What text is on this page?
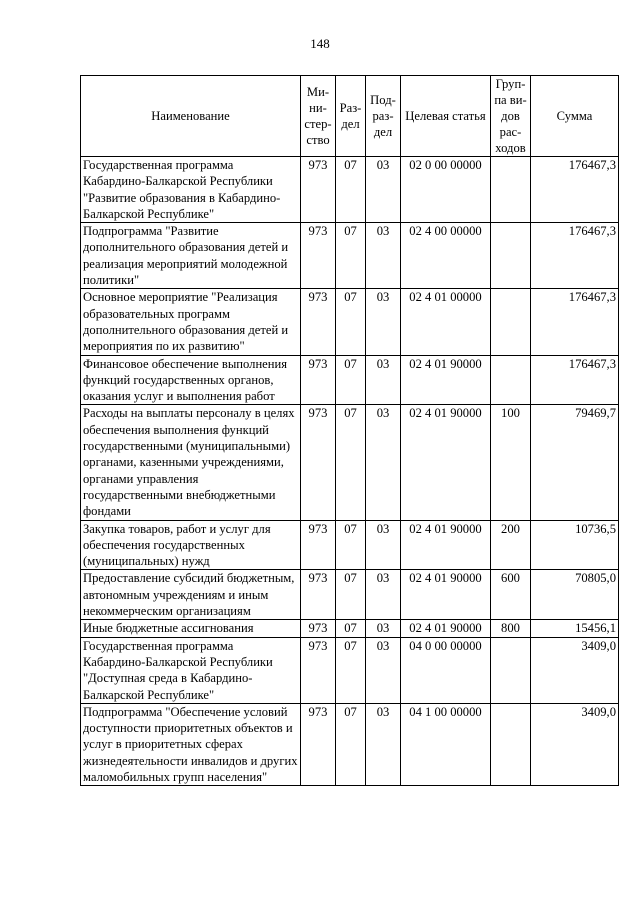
148
Наименование	Ми-ни-стер-ство	Раз-дел	Под-раз-дел	Целевая статья	Груп-па ви-дов рас-ходов	Сумма
Государственная программа Кабардино-Балкарской Республики "Развитие образования в Кабардино-Балкарской Республике"	973	07	03	02 0 00 00000		176467,3
Подпрограмма "Развитие дополнительного образования детей и реализация мероприятий молодежной политики"	973	07	03	02 4 00 00000		176467,3
Основное мероприятие "Реализация образовательных программ дополнительного образования детей и мероприятия по их развитию"	973	07	03	02 4 01 00000		176467,3
Финансовое обеспечение выполнения функций государственных органов, оказания услуг и выполнения работ	973	07	03	02 4 01 90000		176467,3
Расходы на выплаты персоналу в целях обеспечения выполнения функций государственными (муниципальными) органами, казенными учреждениями, органами управления государственными внебюджетными фондами	973	07	03	02 4 01 90000	100	79469,7
Закупка товаров, работ и услуг для обеспечения государственных (муниципальных) нужд	973	07	03	02 4 01 90000	200	10736,5
Предоставление субсидий бюджетным, автономным учреждениям и иным некоммерческим организациям	973	07	03	02 4 01 90000	600	70805,0
Иные бюджетные ассигнования	973	07	03	02 4 01 90000	800	15456,1
Государственная программа Кабардино-Балкарской Республики "Доступная среда в Кабардино-Балкарской Республике"	973	07	03	04 0 00 00000		3409,0
Подпрограмма "Обеспечение условий доступности приоритетных объектов и услуг в приоритетных сферах жизнедеятельности инвалидов и других маломобильных групп населения"	973	07	03	04 1 00 00000		3409,0
